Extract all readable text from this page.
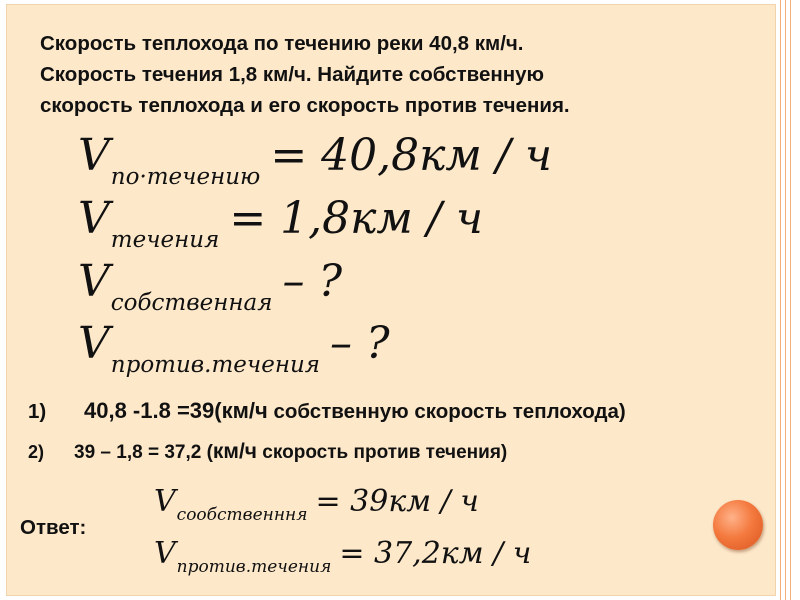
Скорость теплохода по течению реки 40,8 км/ч.
Скорость течения 1,8 км/ч. Найдите собственную
скорость теплохода и его скорость против течения.

Vпо·течению = 40,8км / ч
Vтечения = 1,8км / ч
Vсобственная – ?
Vпротив.течения – ?
1) 40,8 -1.8 =39(км/ч собственную скорость теплохода)
2) 39 – 1,8 = 37,2 (км/ч скорость против течения)
Ответ:
Vсообственння = 39км / ч
Vпротив.течения = 37,2км / ч
